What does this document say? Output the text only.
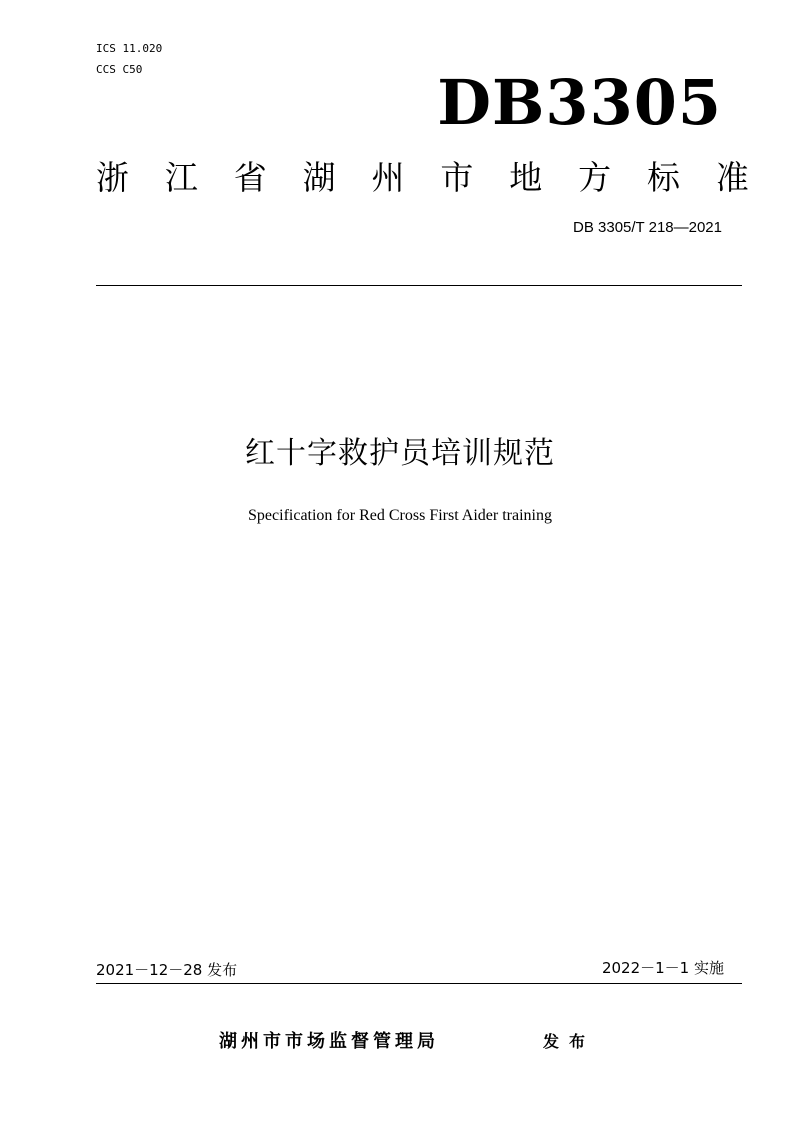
ICS 11.020
CCS C50	DB3305
浙 江 省 湖 州 市 地 方 标 准
DB 3305/T 218—2021
红十字救护员培训规范
Specification for Red Cross First Aider training
2021－12－28 发布	2022－1－1 实施
湖州市市场监督管理局	发布
